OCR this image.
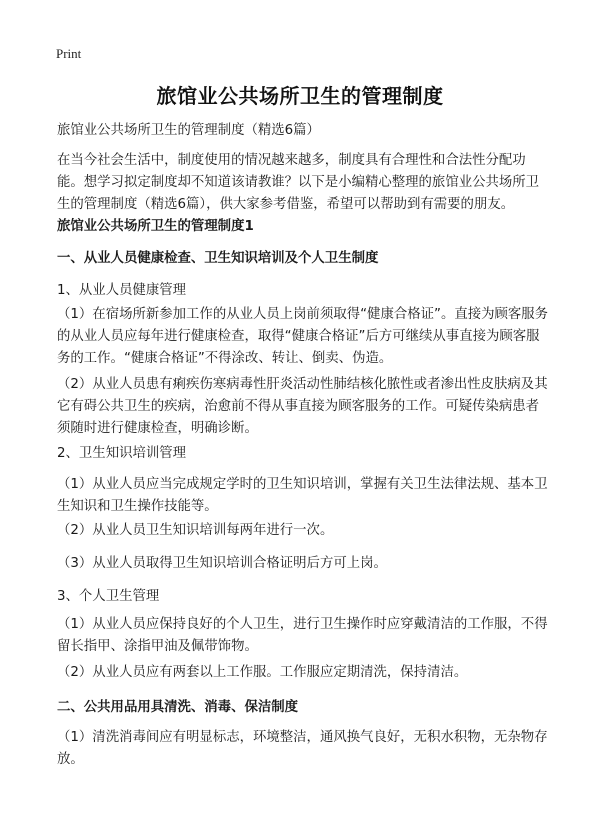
Print
旅馆业公共场所卫生的管理制度
旅馆业公共场所卫生的管理制度（精选6篇）
在当今社会生活中，制度使用的情况越来越多，制度具有合理性和合法性分配功能。想学习拟定制度却不知道该请教谁？以下是小编精心整理的旅馆业公共场所卫生的管理制度（精选6篇），供大家参考借鉴，希望可以帮助到有需要的朋友。
旅馆业公共场所卫生的管理制度1
一、从业人员健康检查、卫生知识培训及个人卫生制度
1、从业人员健康管理
（1）在宿场所新参加工作的从业人员上岗前须取得“健康合格证”。直接为顾客服务的从业人员应每年进行健康检查，取得“健康合格证”后方可继续从事直接为顾客服务的工作。“健康合格证”不得涂改、转让、倒卖、伪造。
（2）从业人员患有痢疾伤寒病毒性肝炎活动性肺结核化脓性或者渗出性皮肤病及其它有碍公共卫生的疾病，治愈前不得从事直接为顾客服务的工作。可疑传染病患者须随时进行健康检查，明确诊断。
2、卫生知识培训管理
（1）从业人员应当完成规定学时的卫生知识培训，掌握有关卫生法律法规、基本卫生知识和卫生操作技能等。
（2）从业人员卫生知识培训每两年进行一次。
（3）从业人员取得卫生知识培训合格证明后方可上岗。
3、个人卫生管理
（1）从业人员应保持良好的个人卫生，进行卫生操作时应穿戴清洁的工作服，不得留长指甲、涂指甲油及佩带饰物。
（2）从业人员应有两套以上工作服。工作服应定期清洗，保持清洁。
二、公共用品用具清洗、消毒、保洁制度
（1）清洗消毒间应有明显标志，环境整洁，通风换气良好，无积水积物，无杂物存放。
